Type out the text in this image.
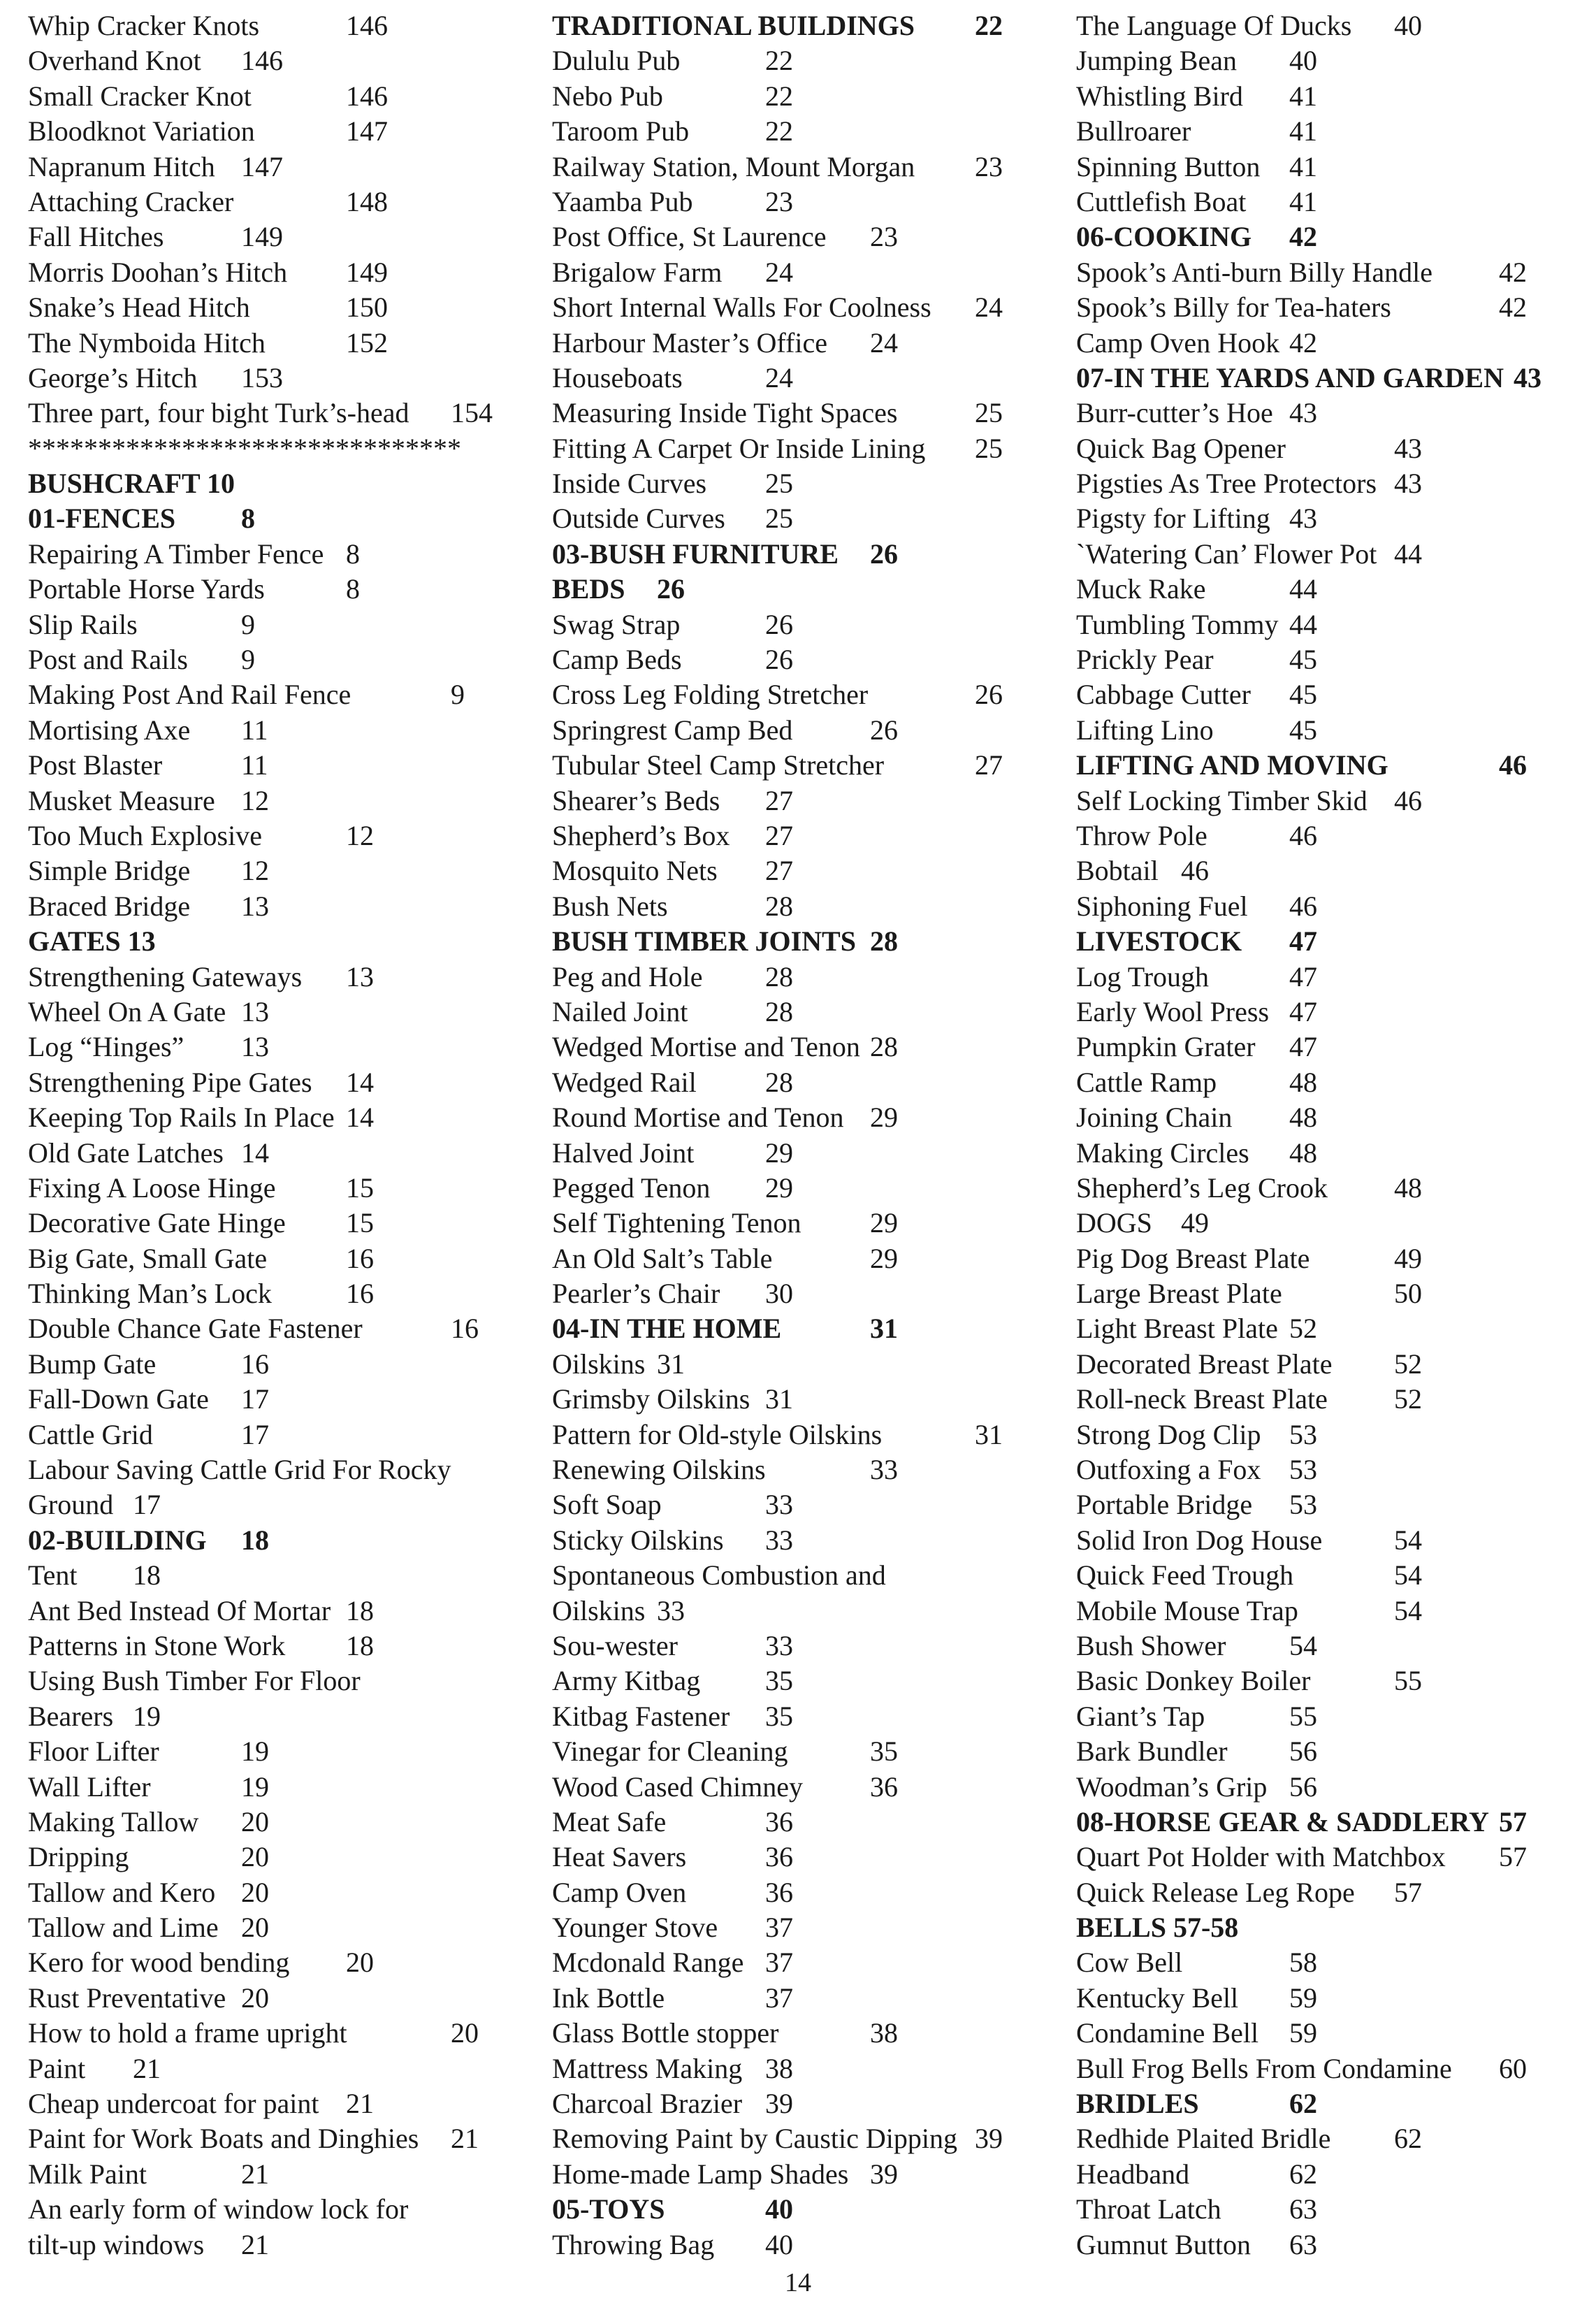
Whip Cracker Knots	146
Overhand Knot 146
Small Cracker Knot	146
Bloodknot Variation	147
Napranum Hitch 147
Attaching Cracker	148
Fall Hitches	149
Morris Doohan’s Hitch 149
Snake’s Head Hitch	150
The Nymboida Hitch	152
George’s Hitch 153
Three part, four bight Turk’s-head 154
*******************************
BUSHCRAFT 10
01-FENCES 8
Repairing A Timber Fence 8
Portable Horse Yards	8
Slip Rails	9
Post and Rails 9
Making Post And Rail Fence	9
Mortising Axe 11
Post Blaster	11
Musket Measure 12
Too Much Explosive	12
Simple Bridge 12
Braced Bridge 13
GATES 13
Strengthening Gateways 13
Wheel On A Gate 13
Log “Hinges” 13
Strengthening Pipe Gates 14
Keeping Top Rails In Place 14
Old Gate Latches 14
Fixing A Loose Hinge	15
Decorative Gate Hinge 15
Big Gate, Small Gate	16
Thinking Man’s Lock	16
Double Chance Gate Fastener	16
Bump Gate	16
Fall-Down Gate 17
Cattle Grid	17
Labour Saving Cattle Grid For Rocky
Ground 17
02-BUILDING 18
Tent 18
Ant Bed Instead Of Mortar 18
Patterns in Stone Work 18
Using Bush Timber For Floor
Bearers 19
Floor Lifter	19
Wall Lifter	19
Making Tallow 20
Dripping	20
Tallow and Kero 20
Tallow and Lime 20
Kero for wood bending 20
Rust Preventative 20
How to hold a frame upright	20
Paint 21
Cheap undercoat for paint 21
Paint for Work Boats and Dinghies 21
Milk Paint	21
An early form of window lock for
tilt-up windows 21
TRADITIONAL BUILDINGS 22
Dululu Pub	22
Nebo Pub	22
Taroom Pub	22
Railway Station, Mount Morgan 23
Yaamba Pub	23
Post Office, St Laurence 23
Brigalow Farm 24
Short Internal Walls For Coolness 24
Harbour Master’s Office 24
Houseboats	24
Measuring Inside Tight Spaces	25
Fitting A Carpet Or Inside Lining 25
Inside Curves 25
Outside Curves 25
03-BUSH FURNITURE 26
BEDS 26
Swag Strap	26
Camp Beds	26
Cross Leg Folding Stretcher	26
Springrest Camp Bed	26
Tubular Steel Camp Stretcher	27
Shearer’s Beds 27
Shepherd’s Box 27
Mosquito Nets 27
Bush Nets	28
BUSH TIMBER JOINTS 28
Peg and Hole 28
Nailed Joint	28
Wedged Mortise and Tenon 28
Wedged Rail 28
Round Mortise and Tenon 29
Halved Joint	29
Pegged Tenon 29
Self Tightening Tenon 29
An Old Salt’s Table	29
Pearler’s Chair 30
04-IN THE HOME	31
Oilskins 31
Grimsby Oilskins 31
Pattern for Old-style Oilskins	31
Renewing Oilskins	33
Soft Soap	33
Sticky Oilskins 33
Spontaneous Combustion and
Oilskins 33
Sou-wester	33
Army Kitbag 35
Kitbag Fastener 35
Vinegar for Cleaning	35
Wood Cased Chimney 36
Meat Safe	36
Heat Savers	36
Camp Oven	36
Younger Stove 37
Mcdonald Range 37
Ink Bottle	37
Glass Bottle stopper	38
Mattress Making 38
Charcoal Brazier 39
Removing Paint by Caustic Dipping 39
Home-made Lamp Shades 39
05-TOYS	40
Throwing Bag 40
The Language Of Ducks 40
Jumping Bean 40
Whistling Bird 41
Bullroarer	41
Spinning Button 41
Cuttlefish Boat 41
06-COOKING 42
Spook’s Anti-burn Billy Handle 42
Spook’s Billy for Tea-haters	42
Camp Oven Hook 42
07-IN THE YARDS AND GARDEN 43
Burr-cutter’s Hoe 43
Quick Bag Opener	43
Pigsties As Tree Protectors 43
Pigsty for Lifting 43
`Watering Can’ Flower Pot 44
Muck Rake	44
Tumbling Tommy 44
Prickly Pear	45
Cabbage Cutter 45
Lifting Lino	45
LIFTING AND MOVING	46
Self Locking Timber Skid 46
Throw Pole	46
Bobtail 46
Siphoning Fuel 46
LIVESTOCK 47
Log Trough	47
Early Wool Press 47
Pumpkin Grater 47
Cattle Ramp	48
Joining Chain 48
Making Circles 48
Shepherd’s Leg Crook 48
DOGS 49
Pig Dog Breast Plate	49
Large Breast Plate	50
Light Breast Plate 52
Decorated Breast Plate 52
Roll-neck Breast Plate 52
Strong Dog Clip 53
Outfoxing a Fox 53
Portable Bridge 53
Solid Iron Dog House	54
Quick Feed Trough	54
Mobile Mouse Trap	54
Bush Shower 54
Basic Donkey Boiler	55
Giant’s Tap	55
Bark Bundler 56
Woodman’s Grip 56
08-HORSE GEAR & SADDLERY 57
Quart Pot Holder with Matchbox 57
Quick Release Leg Rope 57
BELLS 57-58
Cow Bell	58
Kentucky Bell 59
Condamine Bell 59
Bull Frog Bells From Condamine 60
BRIDLES	62
Redhide Plaited Bridle 62
Headband	62
Throat Latch 63
Gumnut Button 63
14
